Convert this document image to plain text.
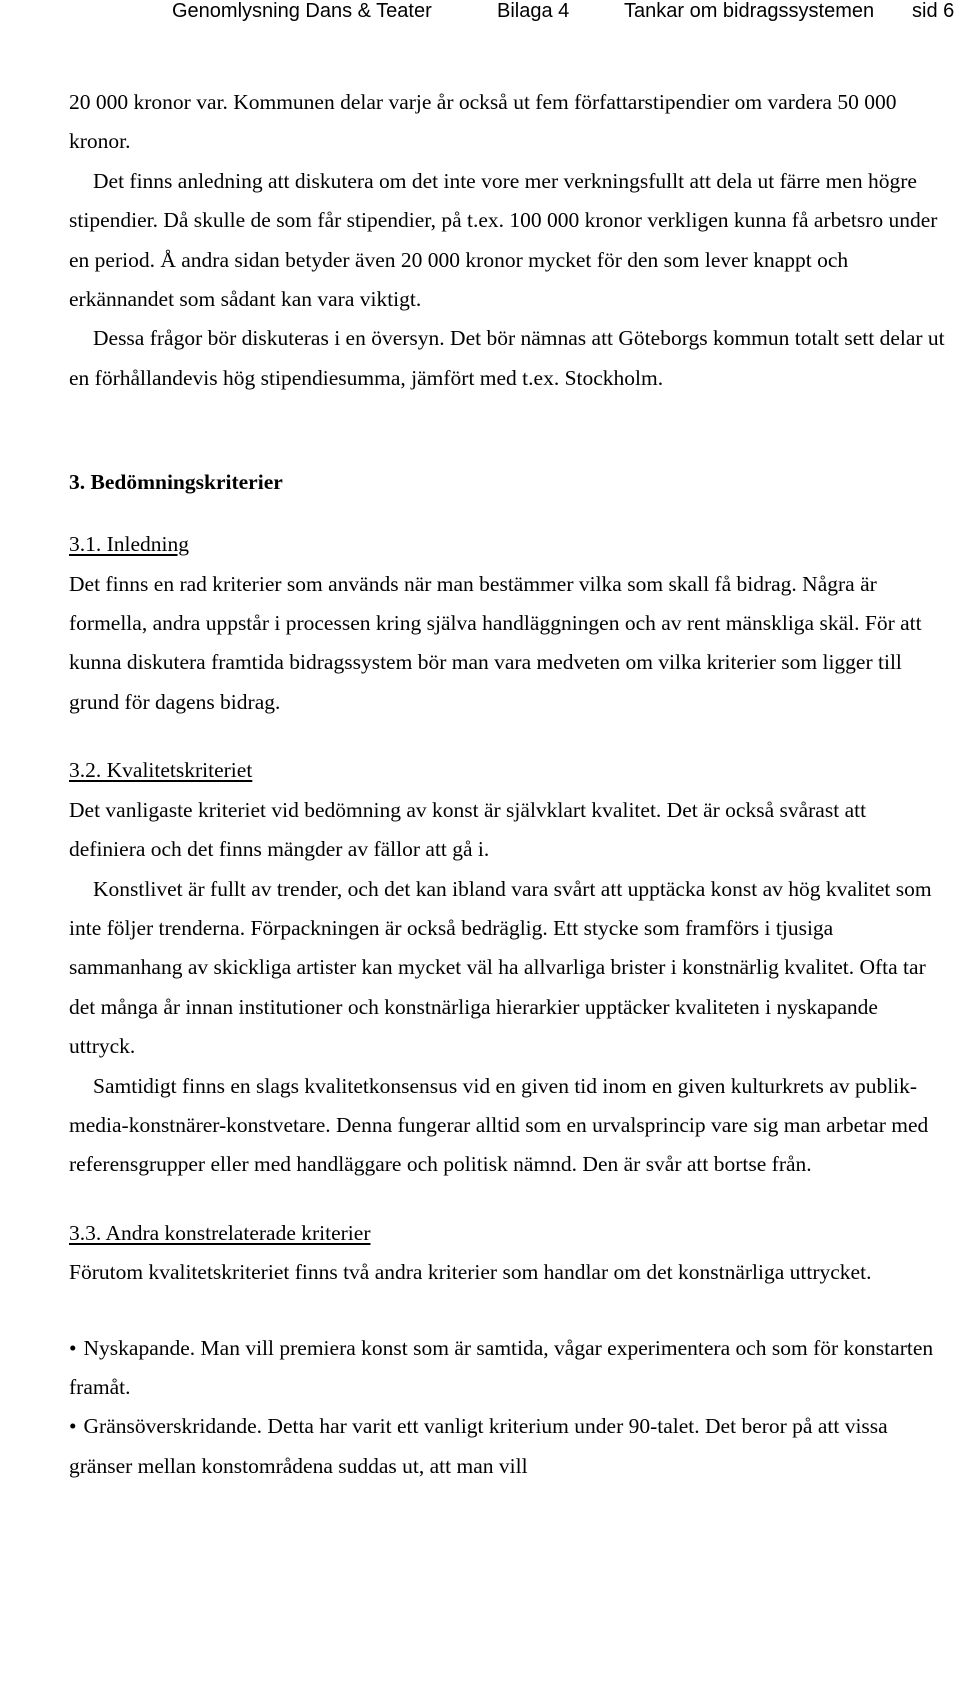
Genomlysning Dans & Teater	Bilaga 4	Tankar om bidragssystemen sid 6

20 000 kronor var. Kommunen delar varje år också ut fem författarstipendier om vardera 50 000 kronor.

Det finns anledning att diskutera om det inte vore mer verkningsfullt att dela ut färre men högre stipendier. Då skulle de som får stipendier, på t.ex. 100 000 kronor verkligen kunna få arbetsro under en period. Å andra sidan betyder även 20 000 kronor mycket för den som lever knappt och erkännandet som sådant kan vara viktigt.

Dessa frågor bör diskuteras i en översyn. Det bör nämnas att Göteborgs kommun totalt sett delar ut en förhållandevis hög stipendiesumma, jämfört med t.ex. Stockholm.

3. Bedömningskriterier

3.1. Inledning

Det finns en rad kriterier som används när man bestämmer vilka som skall få bidrag. Några är formella, andra uppstår i processen kring själva handläggningen och av rent mänskliga skäl. För att kunna diskutera framtida bidragssystem bör man vara medveten om vilka kriterier som ligger till grund för dagens bidrag.

3.2. Kvalitetskriteriet

Det vanligaste kriteriet vid bedömning av konst är självklart kvalitet. Det är också svårast att definiera och det finns mängder av fällor att gå i.

Konstlivet är fullt av trender, och det kan ibland vara svårt att upptäcka konst av hög kvalitet som inte följer trenderna. Förpackningen är också bedräglig. Ett stycke som framförs i tjusiga sammanhang av skickliga artister kan mycket väl ha allvarliga brister i konstnärlig kvalitet. Ofta tar det många år innan institutioner och konstnärliga hierarkier upptäcker kvaliteten i nyskapande uttryck.

Samtidigt finns en slags kvalitetkonsensus vid en given tid inom en given kulturkrets av publik-media-konstnärer-konstvetare. Denna fungerar alltid som en urvalsprincip vare sig man arbetar med referensgrupper eller med handläggare och politisk nämnd. Den är svår att bortse från.

3.3. Andra konstrelaterade kriterier

Förutom kvalitetskriteriet finns två andra kriterier som handlar om det konstnärliga uttrycket.

• Nyskapande. Man vill premiera konst som är samtida, vågar experimentera och som för konstarten framåt.

• Gränsöverskridande. Detta har varit ett vanligt kriterium under 90-talet. Det beror på att vissa gränser mellan konstområdena suddas ut, att man vill
